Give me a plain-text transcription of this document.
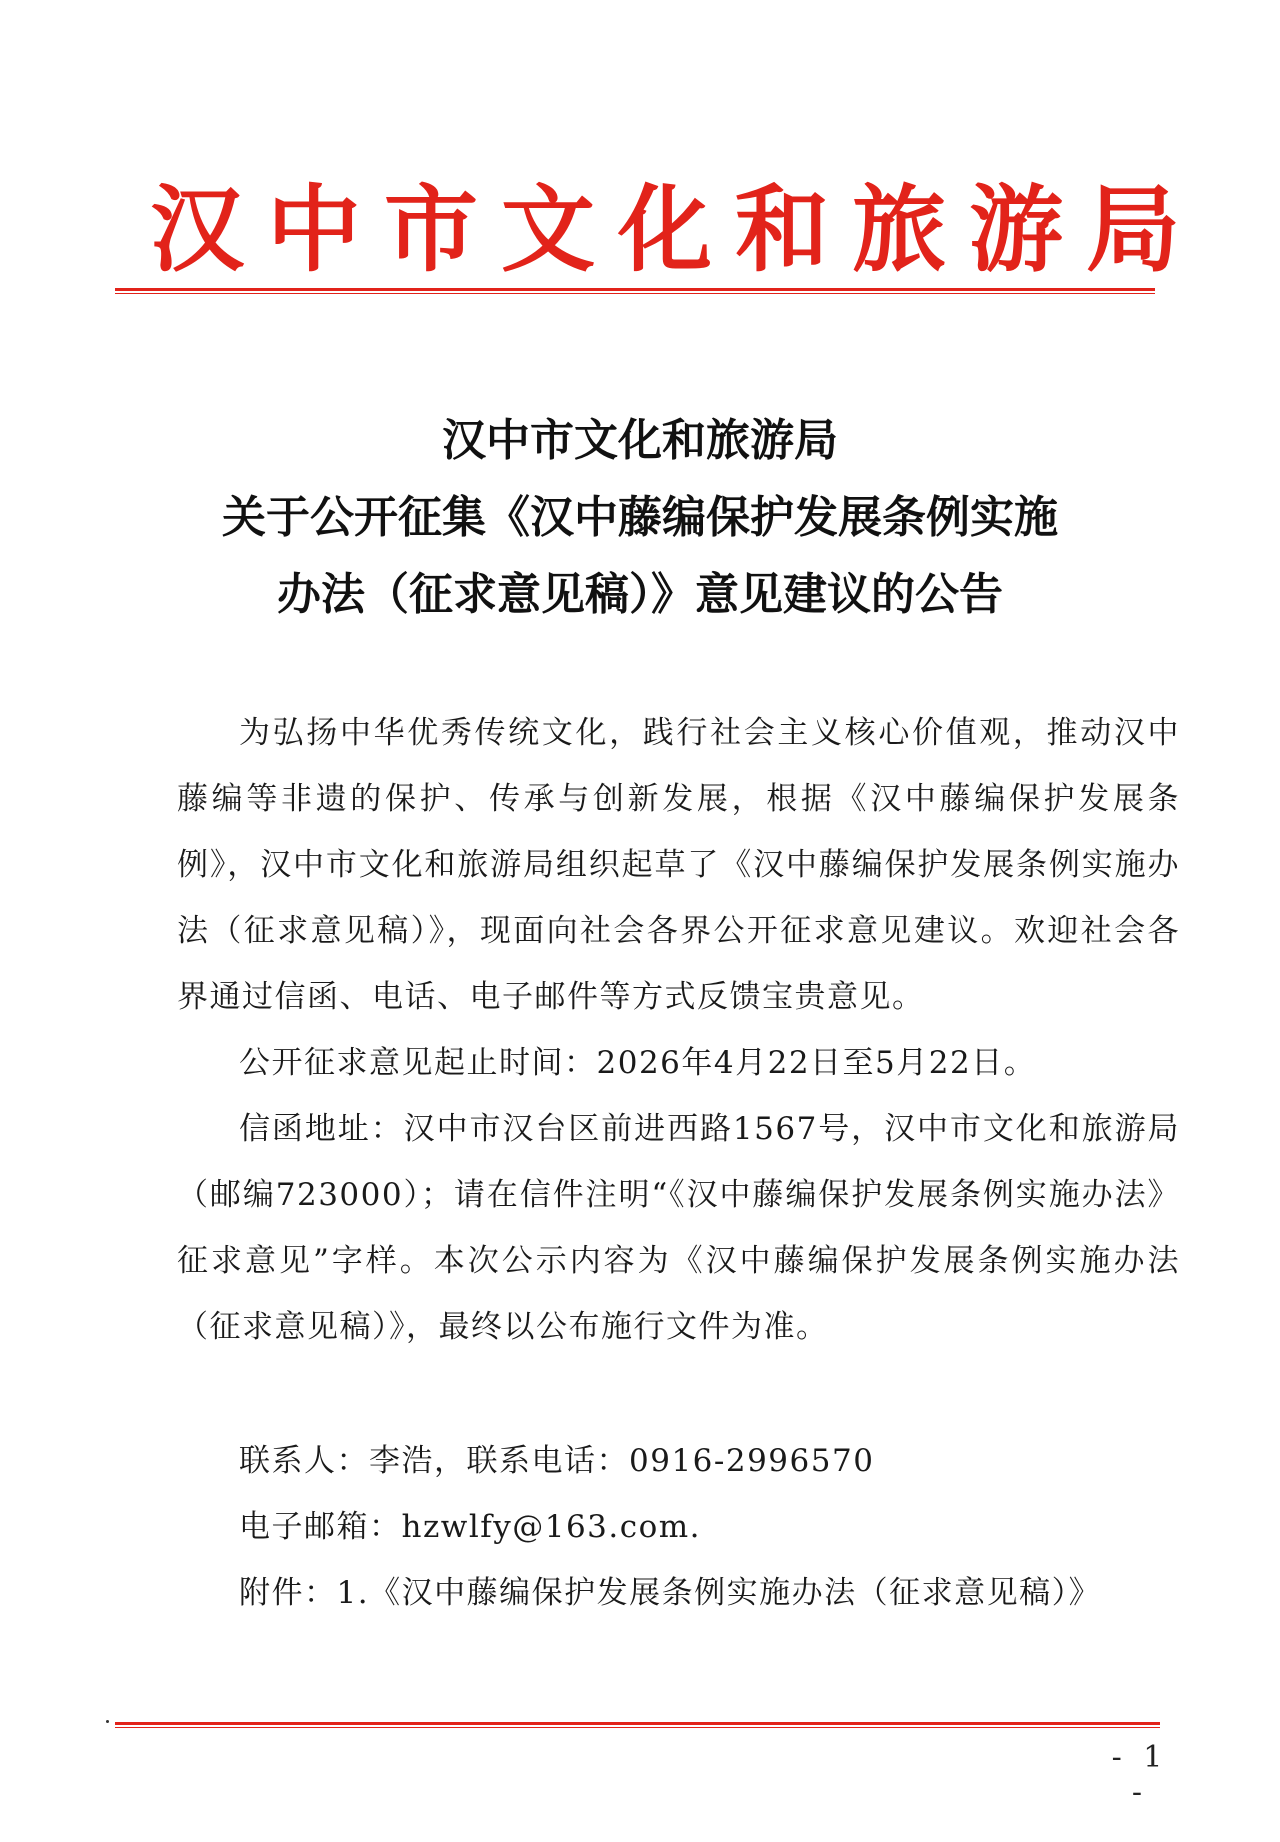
汉中市文化和旅游局
汉中市文化和旅游局
关于公开征集《汉中藤编保护发展条例实施
办法（征求意见稿）》意见建议的公告

为弘扬中华优秀传统文化，践行社会主义核心价值观，推动汉中藤编等非遗的保护、传承与创新发展，根据《汉中藤编保护发展条例》，汉中市文化和旅游局组织起草了《汉中藤编保护发展条例实施办法（征求意见稿）》，现面向社会各界公开征求意见建议。欢迎社会各界通过信函、电话、电子邮件等方式反馈宝贵意见。

公开征求意见起止时间：2026年4月22日至5月22日。

信函地址：汉中市汉台区前进西路1567号，汉中市文化和旅游局（邮编723000）；请在信件注明“《汉中藤编保护发展条例实施办法》征求意见”字样。本次公示内容为《汉中藤编保护发展条例实施办法（征求意见稿）》，最终以公布施行文件为准。

联系人：李浩，联系电话：0916-2996570

电子邮箱：hzwlfy@163.com.

附件：1.《汉中藤编保护发展条例实施办法（征求意见稿）》

- 1 -
